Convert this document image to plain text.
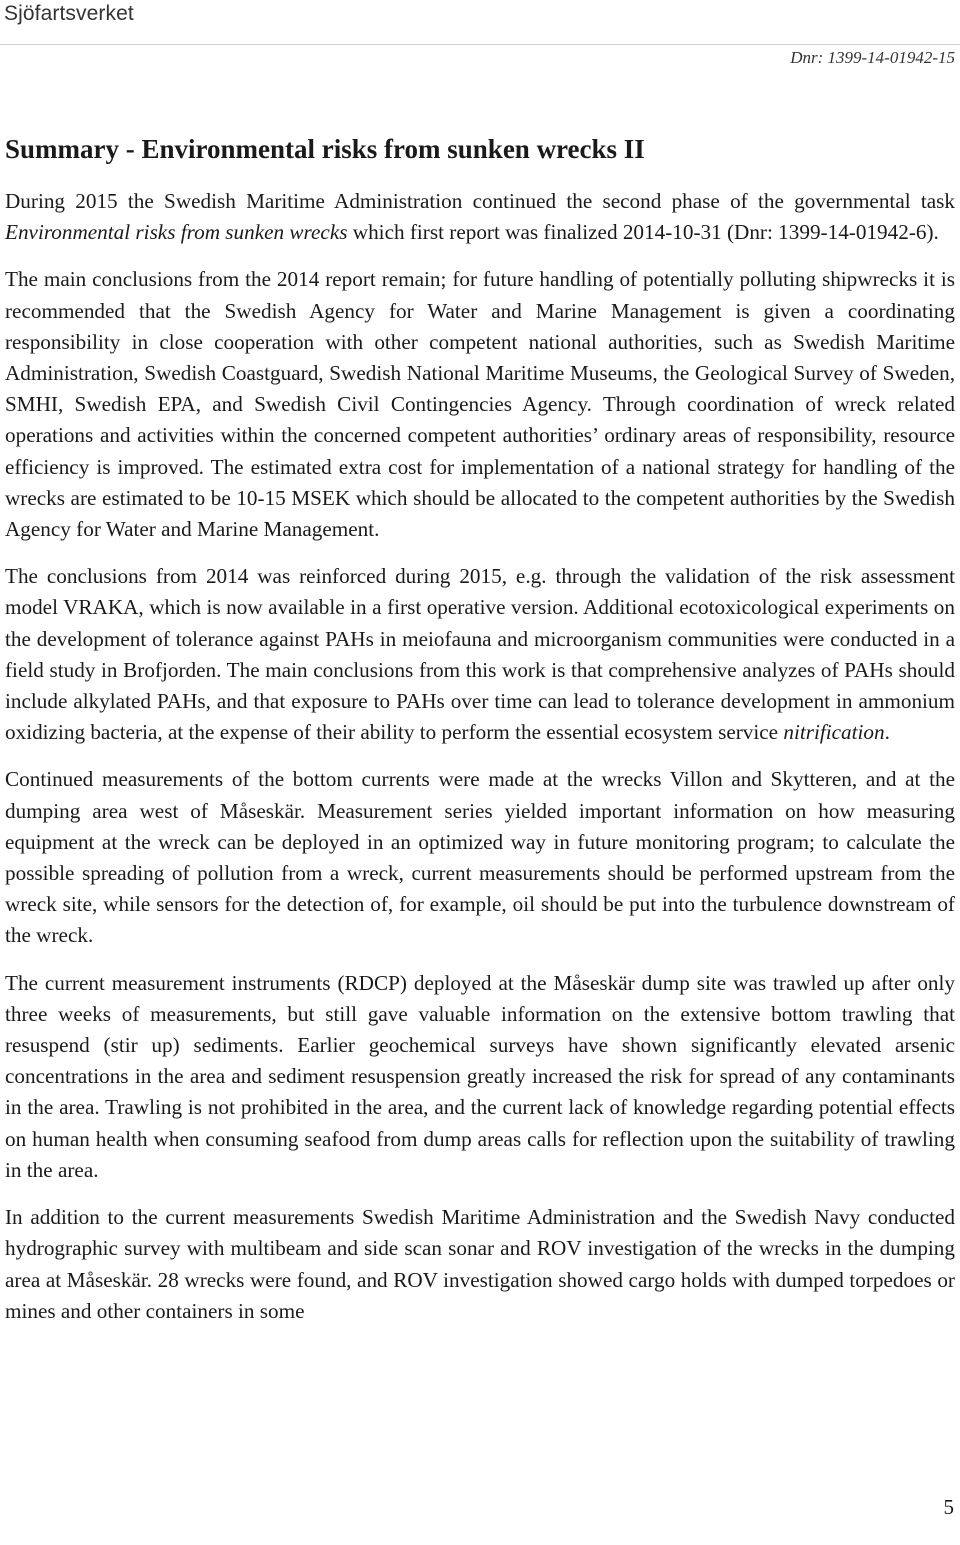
Sjöfartsverket
Dnr: 1399-14-01942-15
Summary - Environmental risks from sunken wrecks II

During 2015 the Swedish Maritime Administration continued the second phase of the governmental task Environmental risks from sunken wrecks which first report was finalized 2014-10-31 (Dnr: 1399-14-01942-6).

The main conclusions from the 2014 report remain; for future handling of potentially polluting shipwrecks it is recommended that the Swedish Agency for Water and Marine Management is given a coordinating responsibility in close cooperation with other competent national authorities, such as Swedish Maritime Administration, Swedish Coastguard, Swedish National Maritime Museums, the Geological Survey of Sweden, SMHI, Swedish EPA, and Swedish Civil Contingencies Agency. Through coordination of wreck related operations and activities within the concerned competent authorities’ ordinary areas of responsibility, resource efficiency is improved. The estimated extra cost for implementation of a national strategy for handling of the wrecks are estimated to be 10-15 MSEK which should be allocated to the competent authorities by the Swedish Agency for Water and Marine Management.

The conclusions from 2014 was reinforced during 2015, e.g. through the validation of the risk assessment model VRAKA, which is now available in a first operative version. Additional ecotoxicological experiments on the development of tolerance against PAHs in meiofauna and microorganism communities were conducted in a field study in Brofjorden. The main conclusions from this work is that comprehensive analyzes of PAHs should include alkylated PAHs, and that exposure to PAHs over time can lead to tolerance development in ammonium oxidizing bacteria, at the expense of their ability to perform the essential ecosystem service nitrification.

Continued measurements of the bottom currents were made at the wrecks Villon and Skytteren, and at the dumping area west of Måseskär. Measurement series yielded important information on how measuring equipment at the wreck can be deployed in an optimized way in future monitoring program; to calculate the possible spreading of pollution from a wreck, current measurements should be performed upstream from the wreck site, while sensors for the detection of, for example, oil should be put into the turbulence downstream of the wreck.

The current measurement instruments (RDCP) deployed at the Måseskär dump site was trawled up after only three weeks of measurements, but still gave valuable information on the extensive bottom trawling that resuspend (stir up) sediments. Earlier geochemical surveys have shown significantly elevated arsenic concentrations in the area and sediment resuspension greatly increased the risk for spread of any contaminants in the area. Trawling is not prohibited in the area, and the current lack of knowledge regarding potential effects on human health when consuming seafood from dump areas calls for reflection upon the suitability of trawling in the area.

In addition to the current measurements Swedish Maritime Administration and the Swedish Navy conducted hydrographic survey with multibeam and side scan sonar and ROV investigation of the wrecks in the dumping area at Måseskär. 28 wrecks were found, and ROV investigation showed cargo holds with dumped torpedoes or mines and other containers in some

5
